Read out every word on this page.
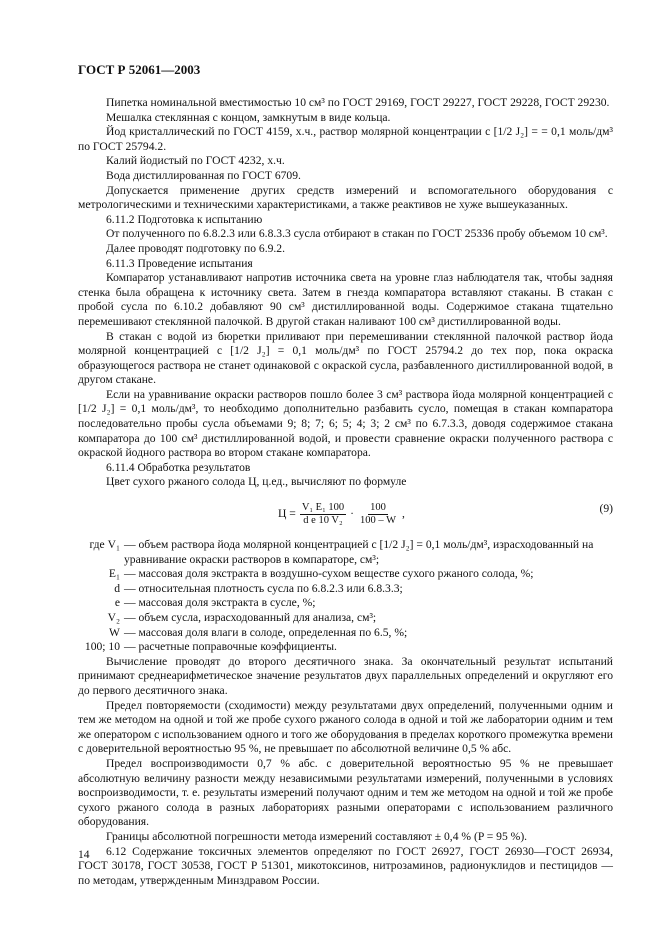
ГОСТ Р 52061—2003

Пипетка номинальной вместимостью 10 см³ по ГОСТ 29169, ГОСТ 29227, ГОСТ 29228, ГОСТ 29230.

Мешалка стеклянная с концом, замкнутым в виде кольца.

Йод кристаллический по ГОСТ 4159, х.ч., раствор молярной концентрации c [1/2 J₂] = = 0,1 моль/дм³ по ГОСТ 25794.2.

Калий йодистый по ГОСТ 4232, х.ч.

Вода дистиллированная по ГОСТ 6709.

Допускается применение других средств измерений и вспомогательного оборудования с метрологическими и техническими характеристиками, а также реактивов не хуже вышеуказанных.

6.11.2 Подготовка к испытанию

От полученного по 6.8.2.3 или 6.8.3.3 сусла отбирают в стакан по ГОСТ 25336 пробу объемом 10 см³.

Далее проводят подготовку по 6.9.2.

6.11.3 Проведение испытания

Компаратор устанавливают напротив источника света на уровне глаз наблюдателя так, чтобы задняя стенка была обращена к источнику света. Затем в гнезда компаратора вставляют стаканы. В стакан с пробой сусла по 6.10.2 добавляют 90 см³ дистиллированной воды. Содержимое стакана тщательно перемешивают стеклянной палочкой. В другой стакан наливают 100 см³ дистиллированной воды.

В стакан с водой из бюретки приливают при перемешивании стеклянной палочкой раствор йода молярной концентрацией c [1/2 J₂] = 0,1 моль/дм³ по ГОСТ 25794.2 до тех пор, пока окраска образующегося раствора не станет одинаковой с окраской сусла, разбавленного дистиллированной водой, в другом стакане.

Если на уравнивание окраски растворов пошло более 3 см³ раствора йода молярной концентрацией c [1/2 J₂] = 0,1 моль/дм³, то необходимо дополнительно разбавить сусло, помещая в стакан компаратора последовательно пробы сусла объемами 9; 8; 7; 6; 5; 4; 3; 2 см³ по 6.7.3.3, доводя содержимое стакана компаратора до 100 см³ дистиллированной водой, и провести сравнение окраски полученного раствора с окраской йодного раствора во втором стакане компаратора.

6.11.4 Обработка результатов

Цвет сухого ржаного солода Ц, ц.ед., вычисляют по формуле

$Ц = \frac{\text{V₁ E₁ 100}}{\text{d e 10 V₂}} \cdot \frac{100}{100 - W}$ ,	(9)
где V₁ — объем раствора йода молярной концентрацией c [1/2 J₂] = 0,1 моль/дм³, израсходованный на уравнивание окраски растворов в компараторе, см³;
E₁ — массовая доля экстракта в воздушно-сухом веществе сухого ржаного солода, %;
d — относительная плотность сусла по 6.8.2.3 или 6.8.3.3;
e — массовая доля экстракта в сусле, %;
V₂ — объем сусла, израсходованный для анализа, см³;
W — массовая доля влаги в солоде, определенная по 6.5, %;
100; 10 — расчетные поправочные коэффициенты.

Вычисление проводят до второго десятичного знака. За окончательный результат испытаний принимают среднеарифметическое значение результатов двух параллельных определений и округляют его до первого десятичного знака.

Предел повторяемости (сходимости) между результатами двух определений, полученными одним и тем же методом на одной и той же пробе сухого ржаного солода в одной и той же лаборатории одним и тем же оператором с использованием одного и того же оборудования в пределах короткого промежутка времени с доверительной вероятностью 95 %, не превышает по абсолютной величине 0,5 % абс.

Предел воспроизводимости 0,7 % абс. с доверительной вероятностью 95 % не превышает абсолютную величину разности между независимыми результатами измерений, полученными в условиях воспроизводимости, т. е. результаты измерений получают одним и тем же методом на одной и той же пробе сухого ржаного солода в разных лабораториях разными операторами с использованием различного оборудования.

Границы абсолютной погрешности метода измерений составляют ± 0,4 % (P = 95 %).

6.12 Содержание токсичных элементов определяют по ГОСТ 26927, ГОСТ 26930—ГОСТ 26934, ГОСТ 30178, ГОСТ 30538, ГОСТ Р 51301, микотоксинов, нитрозаминов, радионуклидов и пестицидов — по методам, утвержденным Минздравом России.

14
